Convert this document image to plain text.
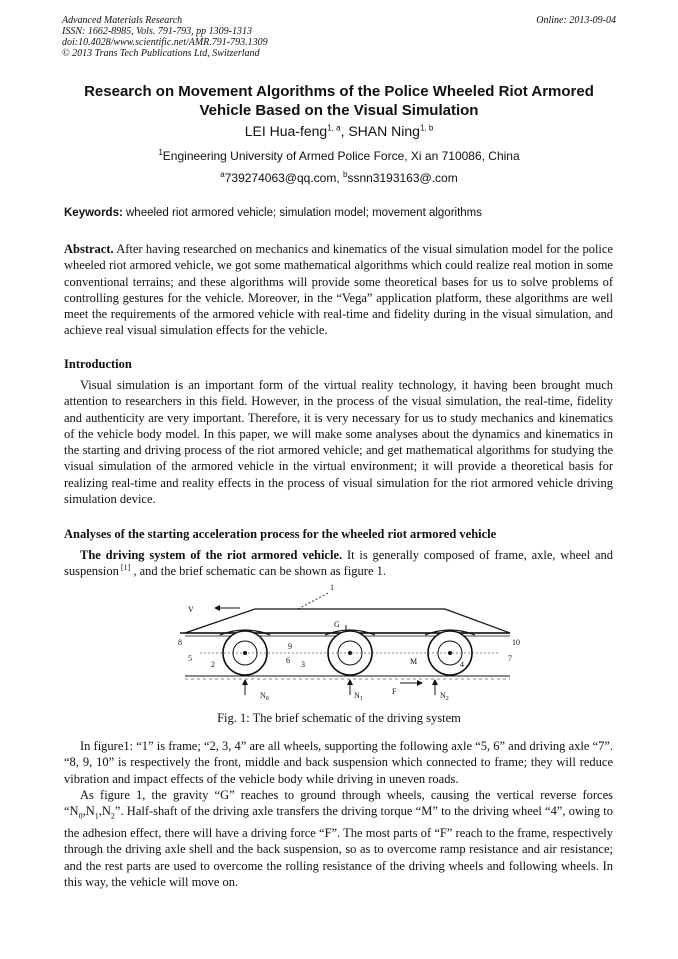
Advanced Materials Research
ISSN: 1662-8985, Vols. 791-793, pp 1309-1313
doi:10.4028/www.scientific.net/AMR.791-793.1309
© 2013 Trans Tech Publications Ltd, Switzerland
Online: 2013-09-04
Research on Movement Algorithms of the Police Wheeled Riot Armored
Vehicle Based on the Visual Simulation
LEI Hua-feng$^{1, a}$, SHAN Ning$^{1, b}$
$^1$Engineering University of Armed Police Force, Xi an 710086, China
$^a$739274063@qq.com, $^b$ssnn3193163@.com
Keywords: wheeled riot armored vehicle; simulation model; movement algorithms
Abstract. After having researched on mechanics and kinematics of the visual simulation model for the police wheeled riot armored vehicle, we got some mathematical algorithms which could realize real motion in some conventional terrains; and these algorithms will provide some theoretical bases for us to solve problems of controlling gestures for the vehicle. Moreover, in the “Vega” application platform, these algorithms are well meet the requirements of the armored vehicle with real-time and fidelity during in the visual simulation, and achieve real visual simulation effects for the vehicle.
Introduction
Visual simulation is an important form of the virtual reality technology, it having been brought much attention to researchers in this field. However, in the process of the visual simulation, the real-time, fidelity and authenticity are very important. Therefore, it is very necessary for us to study mechanics and kinematics of the vehicle body model. In this paper, we will make some analyses about the dynamics and kinematics in the starting and driving process of the riot armored vehicle; and get mathematical algorithms for studying the visual simulation of the armored vehicle in the virtual environment; it will provide a theoretical basis for realizing real-time and reality effects in the process of visual simulation for the riot armored vehicle driving simulation device.
Analyses of the starting acceleration process for the wheeled riot armored vehicle
The driving system of the riot armored vehicle. It is generally composed of frame, axle, wheel and suspension [1] , and the brief schematic can be shown as figure 1.
V
1
G
8	10
5
2	6
9
3	M	4
7
$N_0$	$N_1$	$N_2$
F
Fig. 1: The brief schematic of the driving system
In figure1: “1” is frame; “2, 3, 4” are all wheels, supporting the following axle “5, 6” and driving axle “7”. “8, 9, 10” is respectively the front, middle and back suspension which connected to frame; they will reduce vibration and impact effects of the vehicle body while driving in uneven roads.
As figure 1, the gravity “G” reaches to ground through wheels, causing the vertical reverse forces “$N_0,N_1,N_2$”. Half-shaft of the driving axle transfers the driving torque “M” to the driving wheel “4”, owing to the adhesion effect, there will have a driving force “F”. The most parts of “F” reach to the frame, respectively through the driving axle shell and the back suspension, so as to overcome ramp resistance and air resistance; and the rest parts are used to overcome the rolling resistance of the driving wheels and following wheels. In this way, the vehicle will move on.
